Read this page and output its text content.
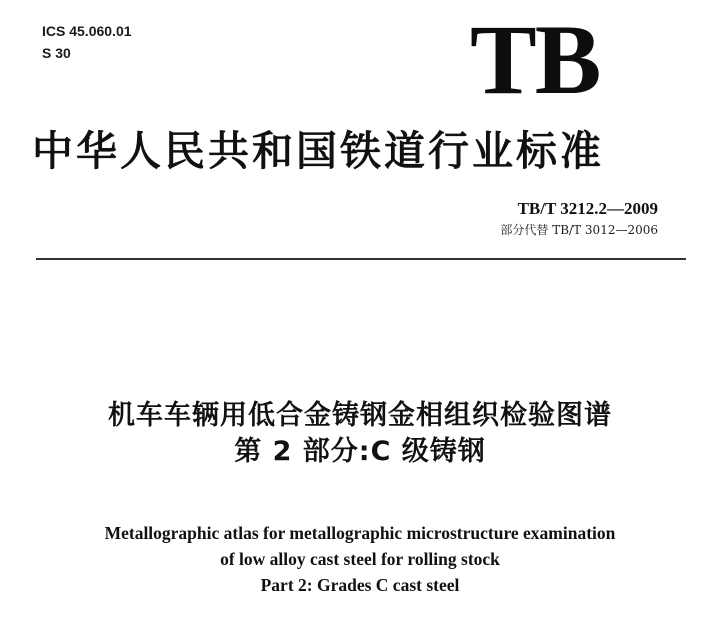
ICS 45.060.01
S 30	TB
中华人民共和国铁道行业标准
TB/T 3212.2—2009
部分代替 TB/T 3012—2006
机车车辆用低合金铸钢金相组织检验图谱
第 2 部分:C 级铸钢
Metallographic atlas for metallographic microstructure examination
of low alloy cast steel for rolling stock
Part 2: Grades C cast steel
